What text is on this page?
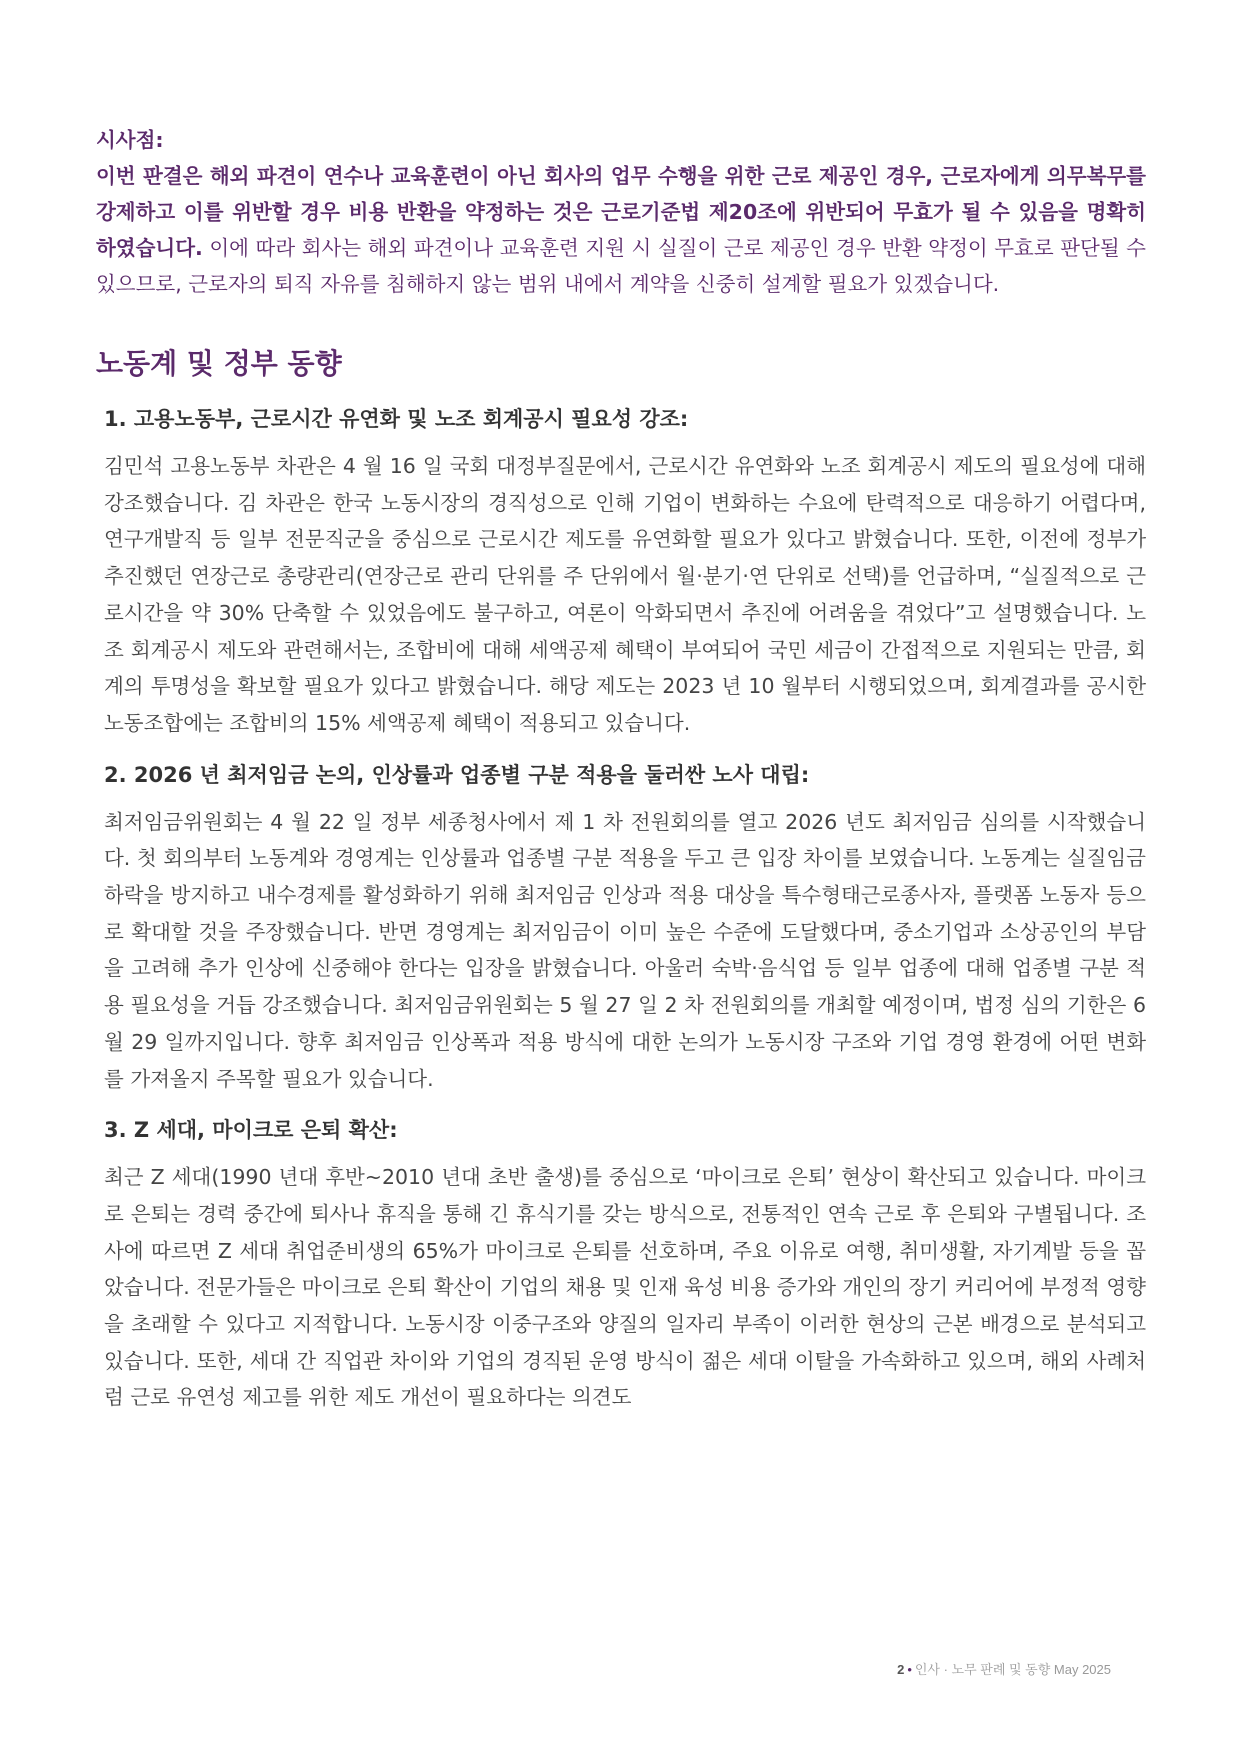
시사점:
이번 판결은 해외 파견이 연수나 교육훈련이 아닌 회사의 업무 수행을 위한 근로 제공인 경우, 근로자에게 의무복무를 강제하고 이를 위반할 경우 비용 반환을 약정하는 것은 근로기준법 제20조에 위반되어 무효가 될 수 있음을 명확히 하였습니다. 이에 따라 회사는 해외 파견이나 교육훈련 지원 시 실질이 근로 제공인 경우 반환 약정이 무효로 판단될 수 있으므로, 근로자의 퇴직 자유를 침해하지 않는 범위 내에서 계약을 신중히 설계할 필요가 있겠습니다.
노동계 및 정부 동향
1. 고용노동부, 근로시간 유연화 및 노조 회계공시 필요성 강조:

김민석 고용노동부 차관은 4 월 16 일 국회 대정부질문에서, 근로시간 유연화와 노조 회계공시 제도의 필요성에 대해 강조했습니다. 김 차관은 한국 노동시장의 경직성으로 인해 기업이 변화하는 수요에 탄력적으로 대응하기 어렵다며, 연구개발직 등 일부 전문직군을 중심으로 근로시간 제도를 유연화할 필요가 있다고 밝혔습니다. 또한, 이전에 정부가 추진했던 연장근로 총량관리(연장근로 관리 단위를 주 단위에서 월·분기·연 단위로 선택)를 언급하며, “실질적으로 근로시간을 약 30% 단축할 수 있었음에도 불구하고, 여론이 악화되면서 추진에 어려움을 겪었다”고 설명했습니다. 노조 회계공시 제도와 관련해서는, 조합비에 대해 세액공제 혜택이 부여되어 국민 세금이 간접적으로 지원되는 만큼, 회계의 투명성을 확보할 필요가 있다고 밝혔습니다. 해당 제도는 2023 년 10 월부터 시행되었으며, 회계결과를 공시한 노동조합에는 조합비의 15% 세액공제 혜택이 적용되고 있습니다.

2. 2026 년 최저임금 논의, 인상률과 업종별 구분 적용을 둘러싼 노사 대립:

최저임금위원회는 4 월 22 일 정부 세종청사에서 제 1 차 전원회의를 열고 2026 년도 최저임금 심의를 시작했습니다. 첫 회의부터 노동계와 경영계는 인상률과 업종별 구분 적용을 두고 큰 입장 차이를 보였습니다. 노동계는 실질임금 하락을 방지하고 내수경제를 활성화하기 위해 최저임금 인상과 적용 대상을 특수형태근로종사자, 플랫폼 노동자 등으로 확대할 것을 주장했습니다. 반면 경영계는 최저임금이 이미 높은 수준에 도달했다며, 중소기업과 소상공인의 부담을 고려해 추가 인상에 신중해야 한다는 입장을 밝혔습니다. 아울러 숙박·음식업 등 일부 업종에 대해 업종별 구분 적용 필요성을 거듭 강조했습니다. 최저임금위원회는 5 월 27 일 2 차 전원회의를 개최할 예정이며, 법정 심의 기한은 6 월 29 일까지입니다. 향후 최저임금 인상폭과 적용 방식에 대한 논의가 노동시장 구조와 기업 경영 환경에 어떤 변화를 가져올지 주목할 필요가 있습니다.

3. Z 세대, 마이크로 은퇴 확산:

최근 Z 세대(1990 년대 후반~2010 년대 초반 출생)를 중심으로 ‘마이크로 은퇴’ 현상이 확산되고 있습니다. 마이크로 은퇴는 경력 중간에 퇴사나 휴직을 통해 긴 휴식기를 갖는 방식으로, 전통적인 연속 근로 후 은퇴와 구별됩니다. 조사에 따르면 Z 세대 취업준비생의 65%가 마이크로 은퇴를 선호하며, 주요 이유로 여행, 취미생활, 자기계발 등을 꼽았습니다. 전문가들은 마이크로 은퇴 확산이 기업의 채용 및 인재 육성 비용 증가와 개인의 장기 커리어에 부정적 영향을 초래할 수 있다고 지적합니다. 노동시장 이중구조와 양질의 일자리 부족이 이러한 현상의 근본 배경으로 분석되고 있습니다. 또한, 세대 간 직업관 차이와 기업의 경직된 운영 방식이 젊은 세대 이탈을 가속화하고 있으며, 해외 사례처럼 근로 유연성 제고를 위한 제도 개선이 필요하다는 의견도

2 • 인사 · 노무 판례 및 동향 May 2025
